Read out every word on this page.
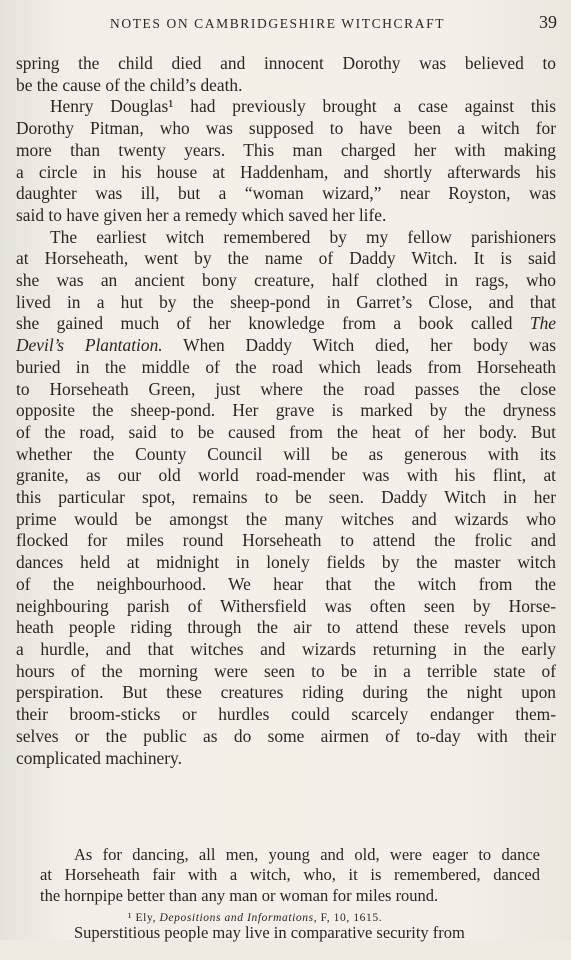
NOTES ON CAMBRIDGESHIRE WITCHCRAFT	39

spring the child died and innocent Dorothy was believed to
be the cause of the child’s death.

Henry Douglas¹ had previously brought a case against this
Dorothy Pitman, who was supposed to have been a witch for
more than twenty years. This man charged her with making
a circle in his house at Haddenham, and shortly afterwards his
daughter was ill, but a “woman wizard,” near Royston, was
said to have given her a remedy which saved her life.

The earliest witch remembered by my fellow parishioners
at Horseheath, went by the name of Daddy Witch. It is said
she was an ancient bony creature, half clothed in rags, who
lived in a hut by the sheep-pond in Garret’s Close, and that
she gained much of her knowledge from a book called The
Devil’s Plantation. When Daddy Witch died, her body was
buried in the middle of the road which leads from Horseheath
to Horseheath Green, just where the road passes the close
opposite the sheep-pond. Her grave is marked by the dryness
of the road, said to be caused from the heat of her body. But
whether the County Council will be as generous with its
granite, as our old world road-mender was with his flint, at
this particular spot, remains to be seen. Daddy Witch in her
prime would be amongst the many witches and wizards who
flocked for miles round Horseheath to attend the frolic and
dances held at midnight in lonely fields by the master witch
of the neighbourhood. We hear that the witch from the
neighbouring parish of Withersfield was often seen by Horse-
heath people riding through the air to attend these revels upon
a hurdle, and that witches and wizards returning in the early
hours of the morning were seen to be in a terrible state of
perspiration. But these creatures riding during the night upon
their broom-sticks or hurdles could scarcely endanger them-
selves or the public as do some airmen of to-day with their
complicated machinery.

As for dancing, all men, young and old, were eager to dance
at Horseheath fair with a witch, who, it is remembered, danced
the hornpipe better than any man or woman for miles round.

Superstitious people may live in comparative security from

¹ Ely, Depositions and Informations, F, 10, 1615.
